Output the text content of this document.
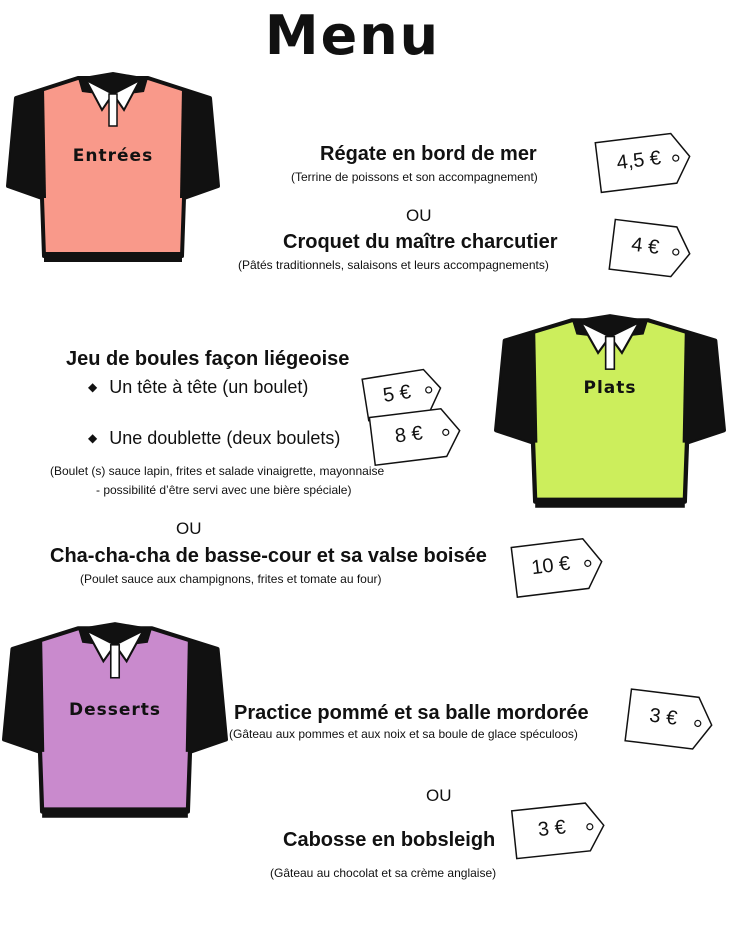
Menu
Entrées	Régate en bord de mer
(Terrine de poissons et son accompagnement)
4,5 €
OU
Croquet du maître charcutier
(Pâtés traditionnels, salaisons et leurs accompagnements)
4 €
Plats
Jeu de boules façon liégeoise
◆ Un tête à tête (un boulet)
◆ Une doublette (deux boulets)
5 €
8 €
(Boulet (s) sauce lapin, frites et salade vinaigrette, mayonnaise
- possibilité d’être servi avec une bière spéciale)
OU
Cha-cha-cha de basse-cour et sa valse boisée
(Poulet sauce aux champignons, frites et tomate au four)	10 €
Desserts	Practice pommé et sa balle mordorée
(Gâteau aux pommes et aux noix et sa boule de glace spéculoos)
3 €
OU
Cabosse en bobsleigh
(Gâteau au chocolat et sa crème anglaise)
3 €
